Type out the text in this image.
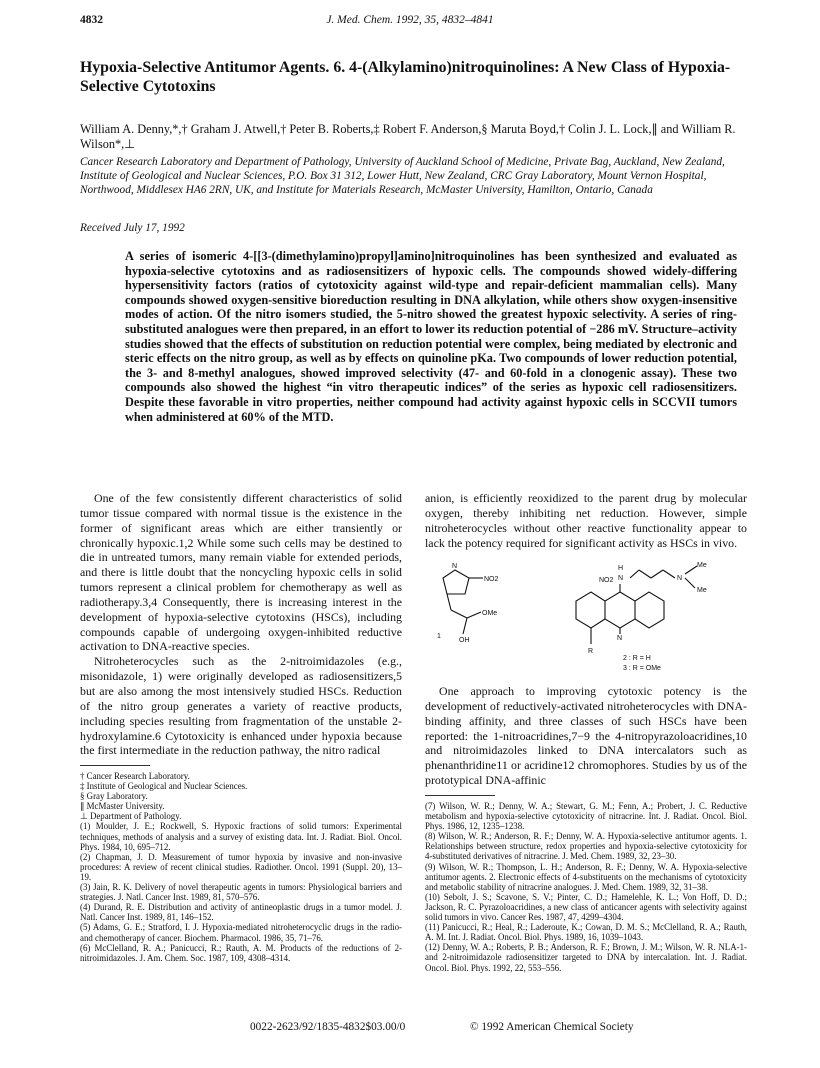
4832	J. Med. Chem. 1992, 35, 4832–4841
Hypoxia-Selective Antitumor Agents. 6. 4-(Alkylamino)nitroquinolines: A New Class of Hypoxia-Selective Cytotoxins
William A. Denny,*,† Graham J. Atwell,† Peter B. Roberts,‡ Robert F. Anderson,§ Maruta Boyd,† Colin J. L. Lock,∥ and William R. Wilson*,⊥
Cancer Research Laboratory and Department of Pathology, University of Auckland School of Medicine, Private Bag, Auckland, New Zealand, Institute of Geological and Nuclear Sciences, P.O. Box 31 312, Lower Hutt, New Zealand, CRC Gray Laboratory, Mount Vernon Hospital, Northwood, Middlesex HA6 2RN, UK, and Institute for Materials Research, McMaster University, Hamilton, Ontario, Canada
Received July 17, 1992

A series of isomeric 4-[[3-(dimethylamino)propyl]amino]nitroquinolines has been synthesized and evaluated as hypoxia-selective cytotoxins and as radiosensitizers of hypoxic cells. The compounds showed widely-differing hypersensitivity factors (ratios of cytotoxicity against wild-type and repair-deficient mammalian cells). Many compounds showed oxygen-sensitive bioreduction resulting in DNA alkylation, while others show oxygen-insensitive modes of action. Of the nitro isomers studied, the 5-nitro showed the greatest hypoxic selectivity. A series of ring-substituted analogues were then prepared, in an effort to lower its reduction potential of −286 mV. Structure–activity studies showed that the effects of substitution on reduction potential were complex, being mediated by electronic and steric effects on the nitro group, as well as by effects on quinoline pKa. Two compounds of lower reduction potential, the 3- and 8-methyl analogues, showed improved selectivity (47- and 60-fold in a clonogenic assay). These two compounds also showed the highest “in vitro therapeutic indices” of the series as hypoxic cell radiosensitizers. Despite these favorable in vitro properties, neither compound had activity against hypoxic cells in SCCVII tumors when administered at 60% of the MTD.

One of the few consistently different characteristics of solid tumor tissue compared with normal tissue is the existence in the former of significant areas which are either transiently or chronically hypoxic.1,2 While some such cells may be destined to die in untreated tumors, many remain viable for extended periods, and there is little doubt that the noncycling hypoxic cells in solid tumors represent a clinical problem for chemotherapy as well as radiotherapy.3,4 Consequently, there is increasing interest in the development of hypoxia-selective cytotoxins (HSCs), including compounds capable of undergoing oxygen-inhibited reductive activation to DNA-reactive species.

Nitroheterocycles such as the 2-nitroimidazoles (e.g., misonidazole, 1) were originally developed as radiosensitizers,5 but are also among the most intensively studied HSCs. Reduction of the nitro group generates a variety of reactive products, including species resulting from fragmentation of the unstable 2-hydroxylamine.6 Cytotoxicity is enhanced under hypoxia because the first intermediate in the reduction pathway, the nitro radical

anion, is efficiently reoxidized to the parent drug by molecular oxygen, thereby inhibiting net reduction. However, simple nitroheterocycles without other reactive functionality appear to lack the potency required for significant activity as HSCs in vivo.

One approach to improving cytotoxic potency is the development of reductively-activated nitroheterocycles with DNA-binding affinity, and three classes of such HSCs have been reported: the 1-nitroacridines,7−9 the 4-nitropyrazoloacridines,10 and nitroimidazoles linked to DNA intercalators such as phenanthridine11 or acridine12 chromophores. Studies by us of the prototypical DNA-affinic

N
NO2
OMe
OH
1
NO2
H
N	N
Me
Me
N
R
2 : R = H
3 : R = OMe
† Cancer Research Laboratory.
‡ Institute of Geological and Nuclear Sciences.
§ Gray Laboratory.
∥ McMaster University.
⊥ Department of Pathology.
(1) Moulder, J. E.; Rockwell, S. Hypoxic fractions of solid tumors: Experimental techniques, methods of analysis and a survey of existing data. Int. J. Radiat. Biol. Oncol. Phys. 1984, 10, 695–712.
(2) Chapman, J. D. Measurement of tumor hypoxia by invasive and non-invasive procedures: A review of recent clinical studies. Radiother. Oncol. 1991 (Suppl. 20), 13–19.
(3) Jain, R. K. Delivery of novel therapeutic agents in tumors: Physiological barriers and strategies. J. Natl. Cancer Inst. 1989, 81, 570–576.
(4) Durand, R. E. Distribution and activity of antineoplastic drugs in a tumor model. J. Natl. Cancer Inst. 1989, 81, 146–152.
(5) Adams, G. E.; Stratford, I. J. Hypoxia-mediated nitroheterocyclic drugs in the radio- and chemotherapy of cancer. Biochem. Pharmacol. 1986, 35, 71–76.
(6) McClelland, R. A.; Panicucci, R.; Rauth, A. M. Products of the reductions of 2-nitroimidazoles. J. Am. Chem. Soc. 1987, 109, 4308–4314.
(7) Wilson, W. R.; Denny, W. A.; Stewart, G. M.; Fenn, A.; Probert, J. C. Reductive metabolism and hypoxia-selective cytotoxicity of nitracrine. Int. J. Radiat. Oncol. Biol. Phys. 1986, 12, 1235–1238.
(8) Wilson, W. R.; Anderson, R. F.; Denny, W. A. Hypoxia-selective antitumor agents. 1. Relationships between structure, redox properties and hypoxia-selective cytotoxicity for 4-substituted derivatives of nitracrine. J. Med. Chem. 1989, 32, 23–30.
(9) Wilson, W. R.; Thompson, L. H.; Anderson, R. F.; Denny, W. A. Hypoxia-selective antitumor agents. 2. Electronic effects of 4-substituents on the mechanisms of cytotoxicity and metabolic stability of nitracrine analogues. J. Med. Chem. 1989, 32, 31–38.
(10) Sebolt, J. S.; Scavone, S. V.; Pinter, C. D.; Hamelehle, K. L.; Von Hoff, D. D.; Jackson, R. C. Pyrazoloacridines, a new class of anticancer agents with selectivity against solid tumors in vivo. Cancer Res. 1987, 47, 4299–4304.
(11) Panicucci, R.; Heal, R.; Laderoute, K.; Cowan, D. M. S.; McClelland, R. A.; Rauth, A. M. Int. J. Radiat. Oncol. Biol. Phys. 1989, 16, 1039–1043.
(12) Denny, W. A.; Roberts, P. B.; Anderson, R. F.; Brown, J. M.; Wilson, W. R. NLA-1- and 2-nitroimidazole radiosensitizer targeted to DNA by intercalation. Int. J. Radiat. Oncol. Biol. Phys. 1992, 22, 553–556.
0022-2623/92/1835-4832$03.00/0	© 1992 American Chemical Society
